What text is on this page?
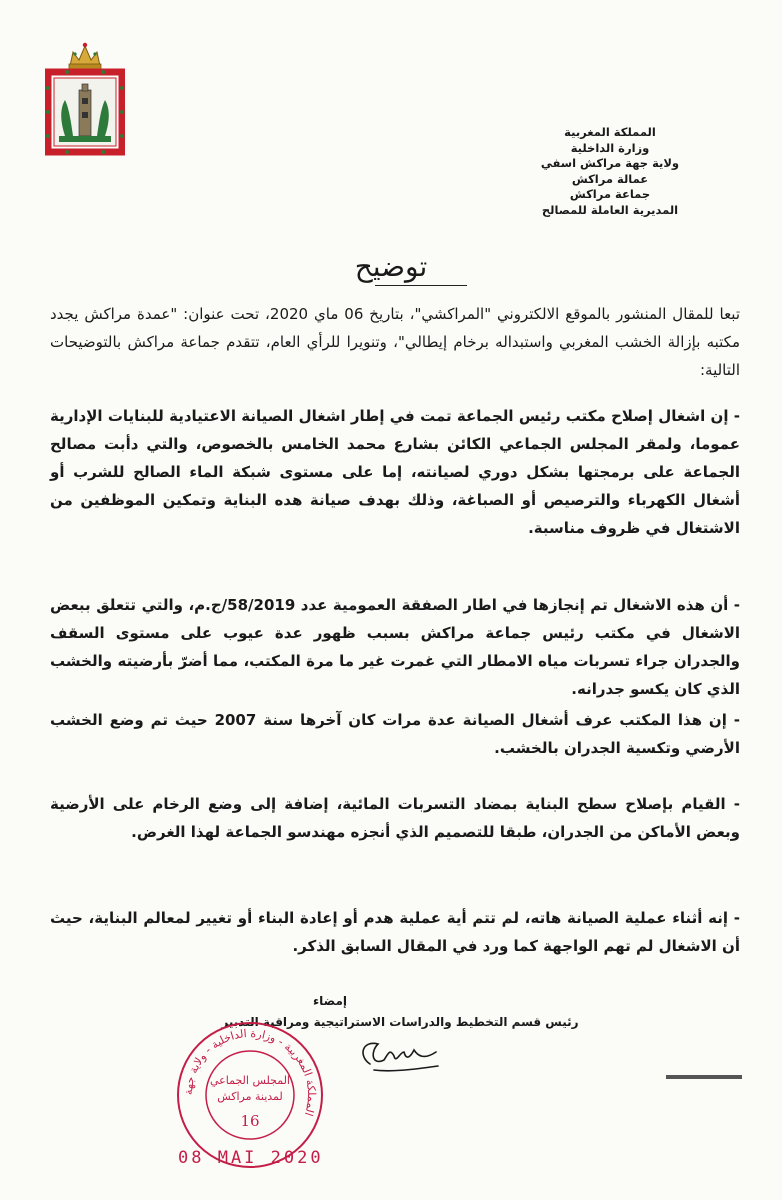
المملكة المغربية
وزارة الداخلية
ولاية جهة مراكش اسفي
عمالة مراكش
جماعة مراكش
المديرية العاملة للمصالح
توضيح

تبعا للمقال المنشور بالموقع الالكتروني "المراكشي"، بتاريخ 06 ماي 2020، تحت عنوان: "عمدة مراكش يجدد مكتبه بإزالة الخشب المغربي واستبداله برخام إيطالي"، وتنويرا للرأي العام، تتقدم جماعة مراكش بالتوضيحات التالية:

- إن اشغال إصلاح مكتب رئيس الجماعة تمت في إطار اشغال الصيانة الاعتيادية للبنايات الإدارية عموما، ولمقر المجلس الجماعي الكائن بشارع محمد الخامس بالخصوص، والتي دأبت مصالح الجماعة على برمجتها بشكل دوري لصيانته، إما على مستوى شبكة الماء الصالح للشرب أو أشغال الكهرباء والترصيص أو الصباغة، وذلك بهدف صيانة هده البناية وتمكين الموظفين من الاشتغال في ظروف مناسبة.

- أن هذه الاشغال تم إنجازها في اطار الصفقة العمومية عدد 58/2019/ج.م، والتي تتعلق ببعض الاشغال في مكتب رئيس جماعة مراكش بسبب ظهور عدة عيوب على مستوى السقف والجدران جراء تسربات مياه الامطار التي غمرت غير ما مرة المكتب، مما أضرّ بأرضيته والخشب الذي كان يكسو جدرانه.

- إن هذا المكتب عرف أشغال الصيانة عدة مرات كان آخرها سنة 2007 حيث تم وضع الخشب الأرضي وتكسية الجدران بالخشب.

- القيام بإصلاح سطح البناية بمضاد التسربات المائية، إضافة إلى وضع الرخام على الأرضية وبعض الأماكن من الجدران، طبقا للتصميم الذي أنجزه مهندسو الجماعة لهذا الغرض.

- إنه أثناء عملية الصيانة هاته، لم تتم أية عملية هدم أو إعادة البناء أو تغيير لمعالم البناية، حيث أن الاشغال لم تهم الواجهة كما ورد في المقال السابق الذكر.

إمضاء
رئيس قسم التخطيط والدراسات الاستراتيجية ومراقبة التدبير
المملكة المغربية - وزارة الداخلية - ولاية جهة
المجلس الجماعي
لمدينة مراكش
16
08 MAI 2020
